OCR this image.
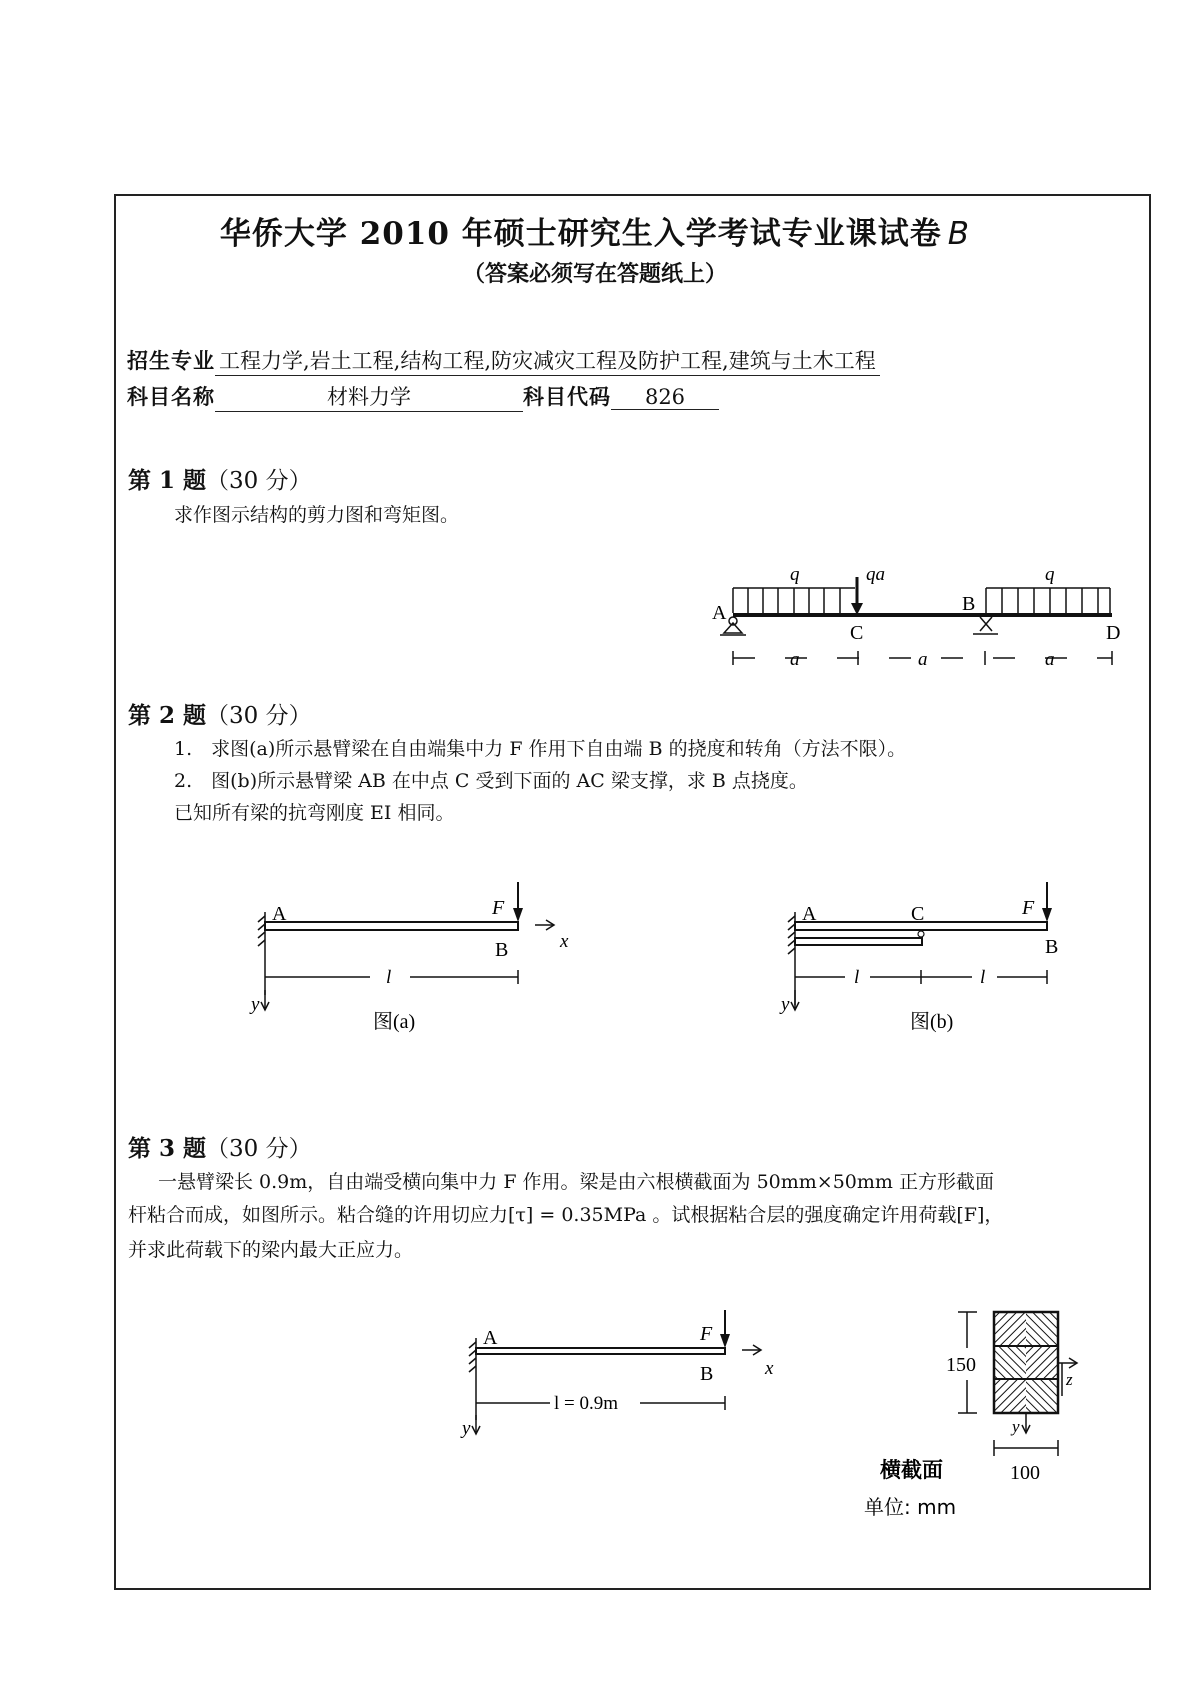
华侨大学 2010 年硕士研究生入学考试专业课试卷 B
（答案必须写在答题纸上）
招生专业 工程力学,岩土工程,结构工程,防灾减灾工程及防护工程,建筑与土木工程
科目名称	材料力学	科目代码 826
第 1 题（30 分）
求作图示结构的剪力图和弯矩图。
A	B
C	D
q	q
qa
a	a	a
第 2 题（30 分）
1.　求图(a)所示悬臂梁在自由端集中力 F 作用下自由端 B 的挠度和转角（方法不限）。
2.　图(b)所示悬臂梁 AB 在中点 C 受到下面的 AC 梁支撑，求 B 点挠度。
已知所有梁的抗弯刚度 EI 相同。
A	F
B	x
y
l
图(a)
A	C	F
B
y
l	l
图(b)
第 3 题（30 分）
一悬臂梁长 0.9m，自由端受横向集中力 F 作用。梁是由六根横截面为 50mm×50mm 正方形截面
杆粘合而成，如图所示。粘合缝的许用切应力[τ] = 0.35MPa 。试根据粘合层的强度确定许用荷载[F]，
并求此荷载下的梁内最大正应力。
A	F
B	x
y
l = 0.9m
150
z
y
100
横截面
单位: mm
